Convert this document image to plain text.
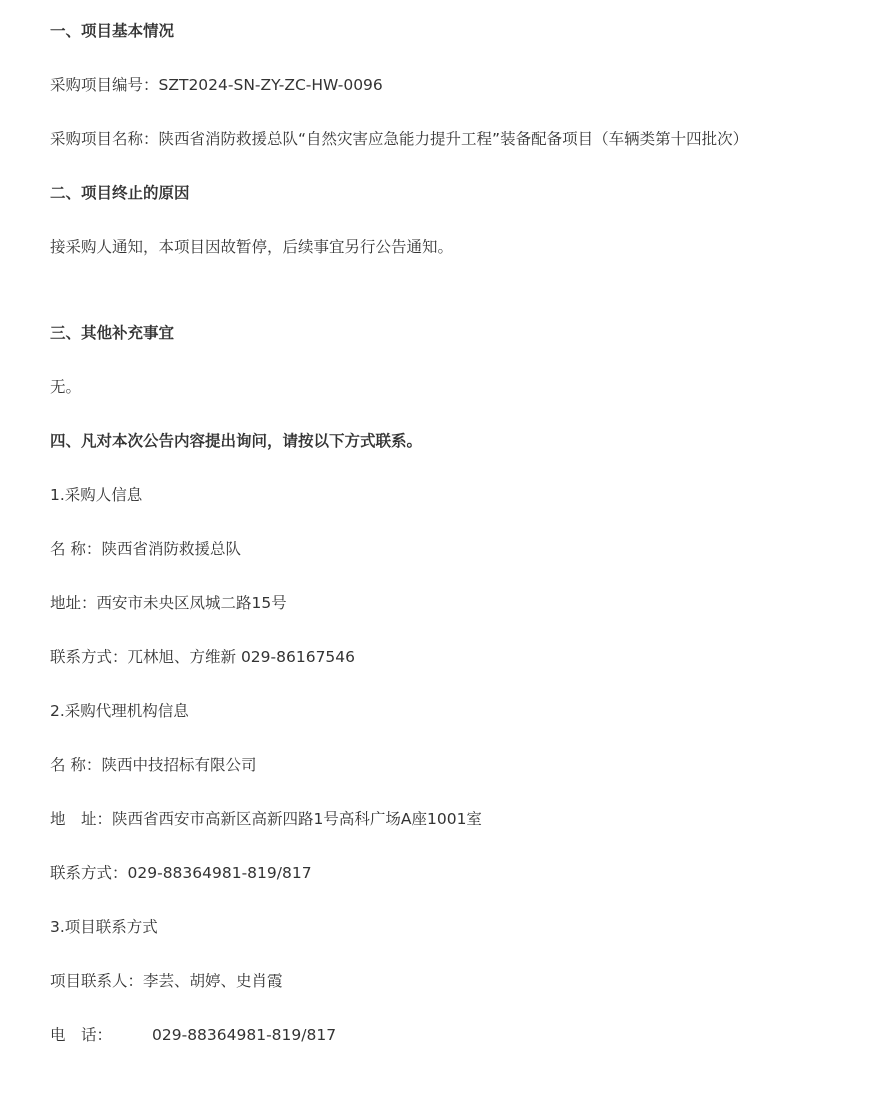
一、项目基本情况
采购项目编号：SZT2024-SN-ZY-ZC-HW-0096
采购项目名称：陕西省消防救援总队“自然灾害应急能力提升工程”装备配备项目（车辆类第十四批次）
二、项目终止的原因
接采购人通知，本项目因故暂停，后续事宜另行公告通知。
三、其他补充事宜
无。
四、凡对本次公告内容提出询问，请按以下方式联系。
1.采购人信息
名 称：陕西省消防救援总队
地址：西安市未央区凤城二路15号
联系方式：兀林旭、方维新 029-86167546
2.采购代理机构信息
名 称：陕西中技招标有限公司
地　址：陕西省西安市高新区高新四路1号高科广场A座1001室
联系方式：029-88364981-819/817
3.项目联系方式
项目联系人：李芸、胡婷、史肖霞
电　话：	029-88364981-819/817
